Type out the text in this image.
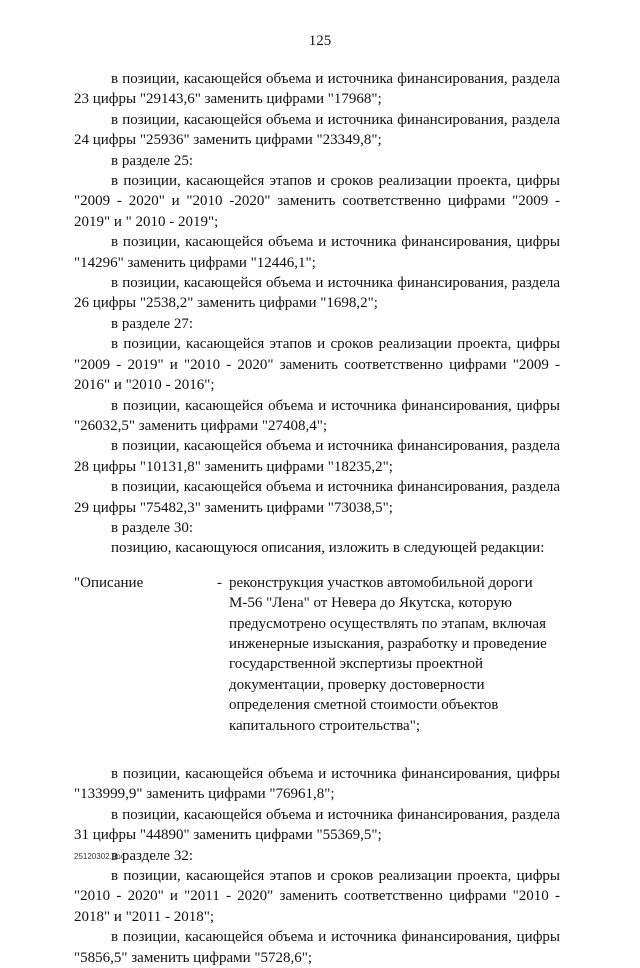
125

в позиции, касающейся объема и источника финансирования, раздела 23 цифры "29143,6" заменить цифрами "17968";

в позиции, касающейся объема и источника финансирования, раздела 24 цифры "25936" заменить цифрами "23349,8";

в разделе 25:

в позиции, касающейся этапов и сроков реализации проекта, цифры "2009 - 2020" и "2010 -2020" заменить соответственно цифрами "2009 - 2019" и " 2010 - 2019";

в позиции, касающейся объема и источника финансирования, цифры "14296" заменить цифрами "12446,1";

в позиции, касающейся объема и источника финансирования, раздела 26 цифры "2538,2" заменить цифрами "1698,2";

в разделе 27:

в позиции, касающейся этапов и сроков реализации проекта, цифры "2009 - 2019" и "2010 - 2020" заменить соответственно цифрами "2009 - 2016" и "2010 - 2016";

в позиции, касающейся объема и источника финансирования, цифры "26032,5" заменить цифрами "27408,4";

в позиции, касающейся объема и источника финансирования, раздела 28 цифры "10131,8" заменить цифрами "18235,2";

в позиции, касающейся объема и источника финансирования, раздела 29 цифры "75482,3" заменить цифрами "73038,5";

в разделе 30:

позицию, касающуюся описания, изложить в следующей редакции:

"Описание	- реконструкция участков автомобильной дороги М-56 "Лена" от Невера до Якутска, которую предусмотрено осуществлять по этапам, включая инженерные изыскания, разработку и проведение государственной экспертизы проектной документации, проверку достоверности определения сметной стоимости объектов капитального строительства";

в позиции, касающейся объема и источника финансирования, цифры "133999,9" заменить цифрами "76961,8";

в позиции, касающейся объема и источника финансирования, раздела 31 цифры "44890" заменить цифрами "55369,5";

в разделе 32:

в позиции, касающейся этапов и сроков реализации проекта, цифры "2010 - 2020" и "2011 - 2020" заменить соответственно цифрами "2010 - 2018" и "2011 - 2018";

в позиции, касающейся объема и источника финансирования, цифры "5856,5" заменить цифрами "5728,6";

25120302.doc
